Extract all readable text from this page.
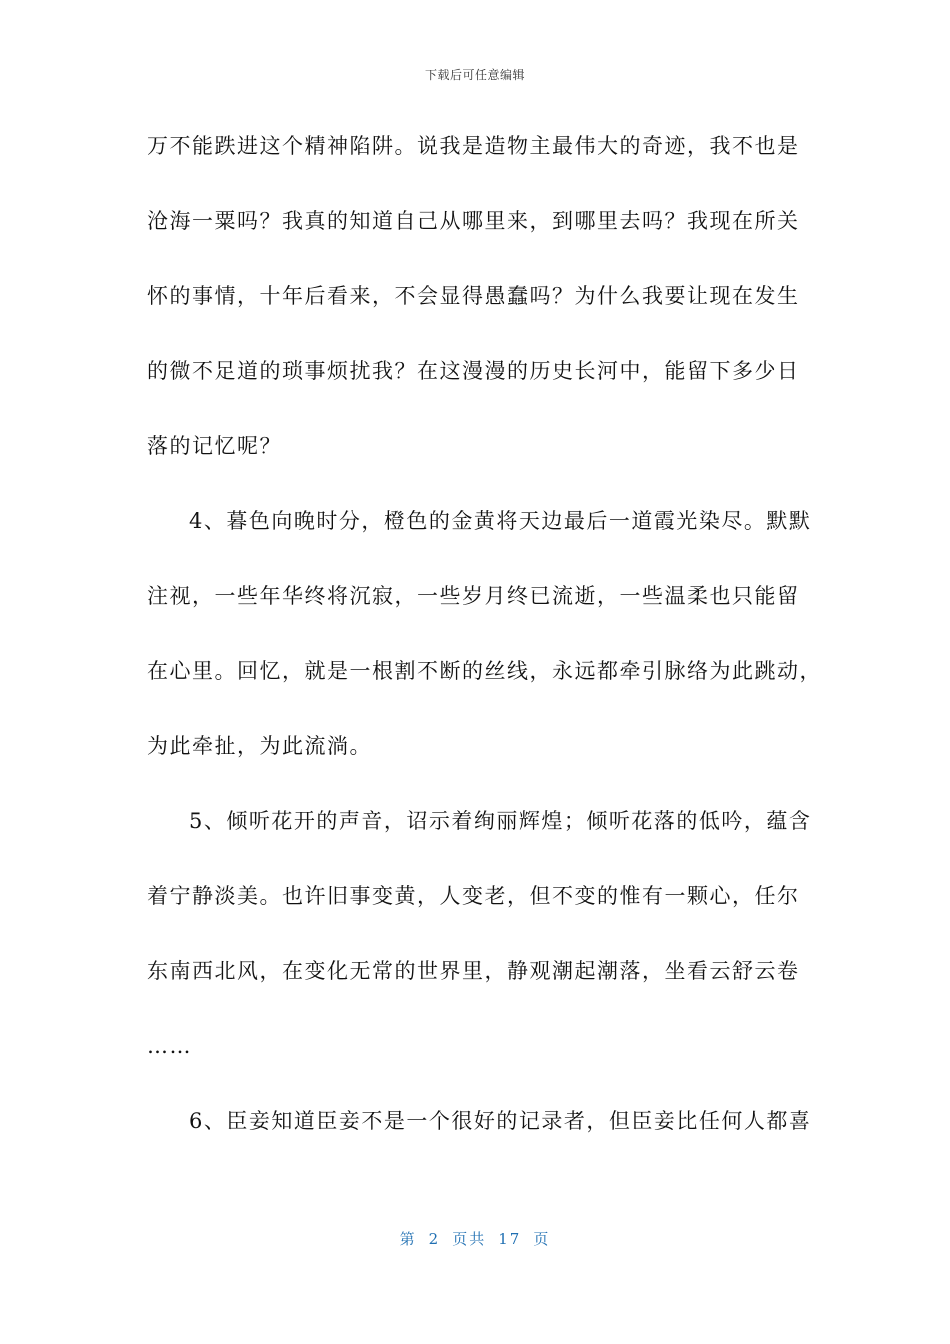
下载后可任意编辑
万不能跌进这个精神陷阱。说我是造物主最伟大的奇迹，我不也是
沧海一粟吗？我真的知道自己从哪里来，到哪里去吗？我现在所关
怀的事情，十年后看来，不会显得愚蠢吗？为什么我要让现在发生
的微不足道的琐事烦扰我？在这漫漫的历史长河中，能留下多少日
落的记忆呢？
4、暮色向晚时分，橙色的金黄将天边最后一道霞光染尽。默默
注视，一些年华终将沉寂，一些岁月终已流逝，一些温柔也只能留
在心里。回忆，就是一根割不断的丝线，永远都牵引脉络为此跳动，
为此牵扯，为此流淌。
5、倾听花开的声音，诏示着绚丽辉煌；倾听花落的低吟，蕴含
着宁静淡美。也许旧事变黄，人变老，但不变的惟有一颗心，任尔
东南西北风，在变化无常的世界里，静观潮起潮落，坐看云舒云卷
……
6、臣妾知道臣妾不是一个很好的记录者，但臣妾比任何人都喜
第 2 页共 17 页
